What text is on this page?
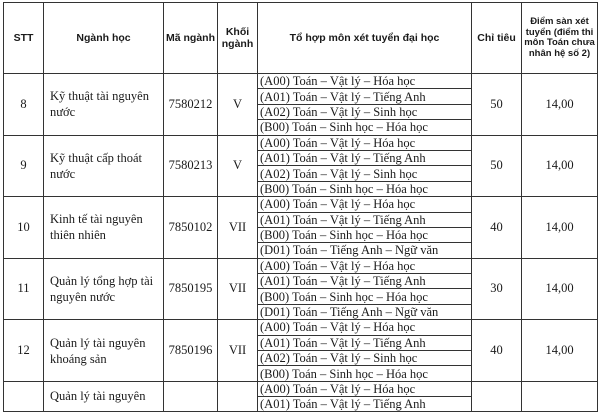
STT	Ngành học	Mã ngành	Khối ngành	Tổ hợp môn xét tuyển đại học	Chỉ tiêu	Điểm sàn xét tuyển (điểm thi môn Toán chưa nhân hệ số 2)
8	Kỹ thuật tài nguyên nước	7580212	V	(A00) Toán – Vật lý – Hóa học	50	14,00
				(A01) Toán – Vật lý – Tiếng Anh		
				(A02) Toán – Vật lý – Sinh học		
				(B00) Toán – Sinh học – Hóa học		
9	Kỹ thuật cấp thoát nước	7580213	V	(A00) Toán – Vật lý – Hóa học	50	14,00
				(A01) Toán – Vật lý – Tiếng Anh		
				(A02) Toán – Vật lý – Sinh học		
				(B00) Toán – Sinh học – Hóa học		
10	Kinh tế tài nguyên thiên nhiên	7850102	VII	(A00) Toán – Vật lý – Hóa học	40	14,00
				(A01) Toán – Vật lý – Tiếng Anh		
				(B00) Toán – Sinh học – Hóa học		
				(D01) Toán – Tiếng Anh – Ngữ văn		
11	Quản lý tổng hợp tài nguyên nước	7850195	VII	(A00) Toán – Vật lý – Hóa học	30	14,00
				(A01) Toán – Vật lý – Tiếng Anh		
				(B00) Toán – Sinh học – Hóa học		
				(D01) Toán – Tiếng Anh – Ngữ văn		
12	Quản lý tài nguyên khoáng sản	7850196	VII	(A00) Toán – Vật lý – Hóa học	40	14,00
				(A01) Toán – Vật lý – Tiếng Anh		
				(A02) Toán – Vật lý – Sinh học		
				(B00) Toán – Sinh học – Hóa học		
	Quản lý tài nguyên			(A00) Toán – Vật lý – Hóa học		
				(A01) Toán – Vật lý – Tiếng Anh		
